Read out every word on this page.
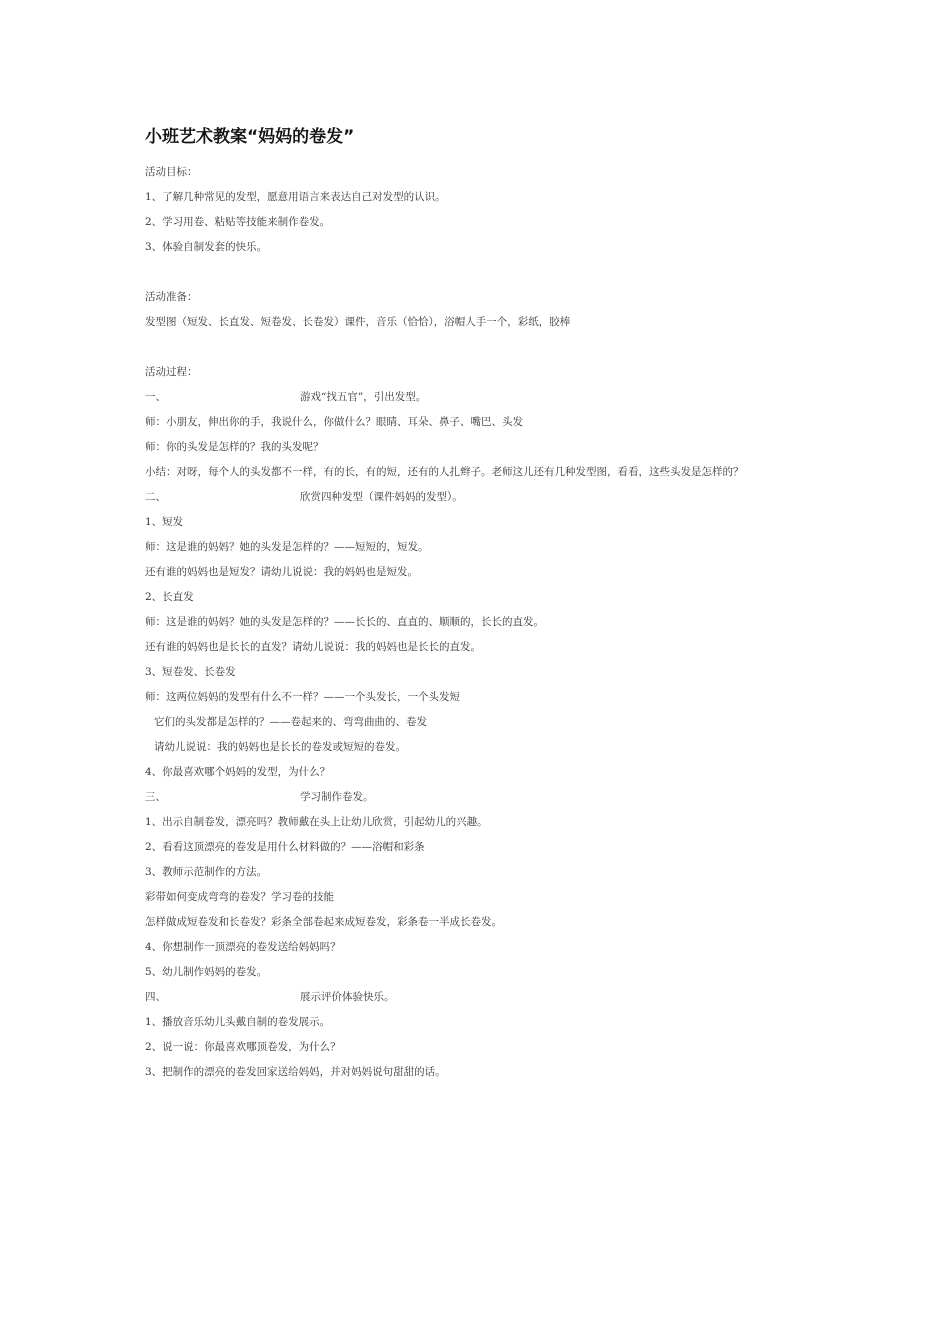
小班艺术教案“妈妈的卷发”
活动目标：
1、了解几种常见的发型，愿意用语言来表达自己对发型的认识。
2、学习用卷、粘贴等技能来制作卷发。
3、体验自制发套的快乐。
活动准备：
发型图（短发、长直发、短卷发、长卷发）课件，音乐（恰恰），浴帽人手一个，彩纸，胶棒
活动过程：
一、	游戏“找五官”，引出发型。
师：小朋友，伸出你的手，我说什么，你做什么？眼睛、耳朵、鼻子、嘴巴、头发
师：你的头发是怎样的？我的头发呢？
小结：对呀，每个人的头发都不一样，有的长，有的短，还有的人扎辫子。老师这儿还有几种发型图，看看，这些头发是怎样的？
二、	欣赏四种发型（课件妈妈的发型）。
1、短发
师：这是谁的妈妈？她的头发是怎样的？——短短的，短发。
还有谁的妈妈也是短发？请幼儿说说：我的妈妈也是短发。
2、长直发
师：这是谁的妈妈？她的头发是怎样的？——长长的、直直的、顺顺的，长长的直发。
还有谁的妈妈也是长长的直发？请幼儿说说：我的妈妈也是长长的直发。
3、短卷发、长卷发
师：这两位妈妈的发型有什么不一样？——一个头发长，一个头发短
它们的头发都是怎样的？——卷起来的、弯弯曲曲的、卷发
请幼儿说说：我的妈妈也是长长的卷发或短短的卷发。
4、你最喜欢哪个妈妈的发型，为什么？
三、	学习制作卷发。
1、出示自制卷发，漂亮吗？教师戴在头上让幼儿欣赏，引起幼儿的兴趣。
2、看看这顶漂亮的卷发是用什么材料做的？——浴帽和彩条
3、教师示范制作的方法。
彩带如何变成弯弯的卷发？学习卷的技能
怎样做成短卷发和长卷发？彩条全部卷起来成短卷发，彩条卷一半成长卷发。
4、你想制作一顶漂亮的卷发送给妈妈吗？
5、幼儿制作妈妈的卷发。
四、	展示评价体验快乐。
1、播放音乐幼儿头戴自制的卷发展示。
2、说一说：你最喜欢哪顶卷发，为什么？
3、把制作的漂亮的卷发回家送给妈妈，并对妈妈说句甜甜的话。
